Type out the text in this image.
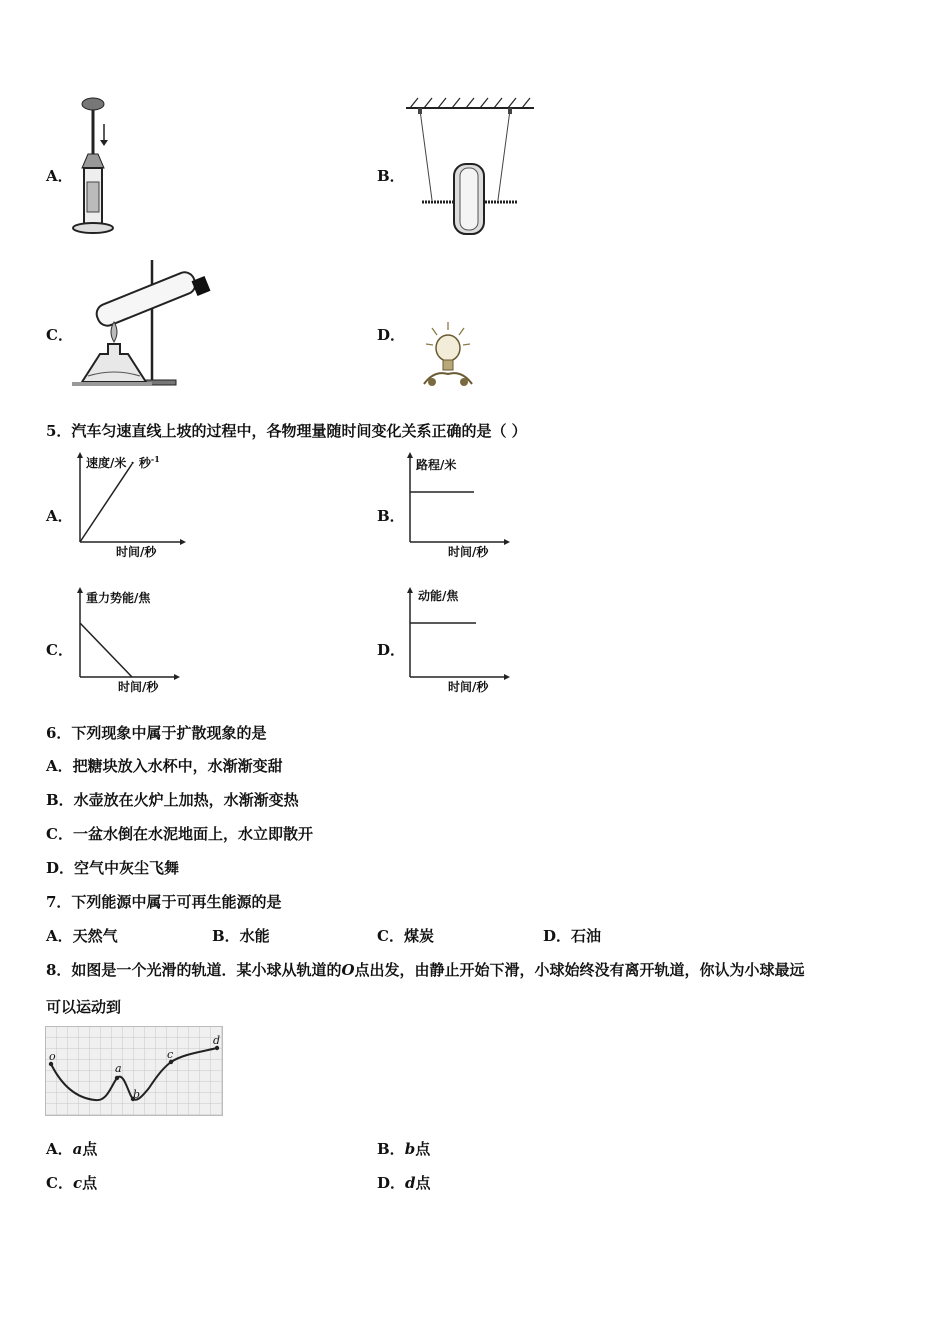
A．	B．
C．	D．
5．汽车匀速直线上坡的过程中，各物理量随时间变化关系正确的是（ ）
A．
速度/米 · 秒$^{-1}$
时间/秒
B．
路程/米
时间/秒
C．
重力势能/焦
时间/秒
D．
动能/焦
时间/秒
6．下列现象中属于扩散现象的是
A．把糖块放入水杯中，水渐渐变甜
B．水壶放在火炉上加热，水渐渐变热
C．一盆水倒在水泥地面上，水立即散开
D．空气中灰尘飞舞
7．下列能源中属于可再生能源的是
A．天然气	B．水能	C．煤炭	D．石油
8．如图是一个光滑的轨道．某小球从轨道的O点出发，由静止开始下滑，小球始终没有离开轨道，你认为小球最远
可以运动到
o
a
b
c
d
A．a点	B．b点
C．c点	D．d点
